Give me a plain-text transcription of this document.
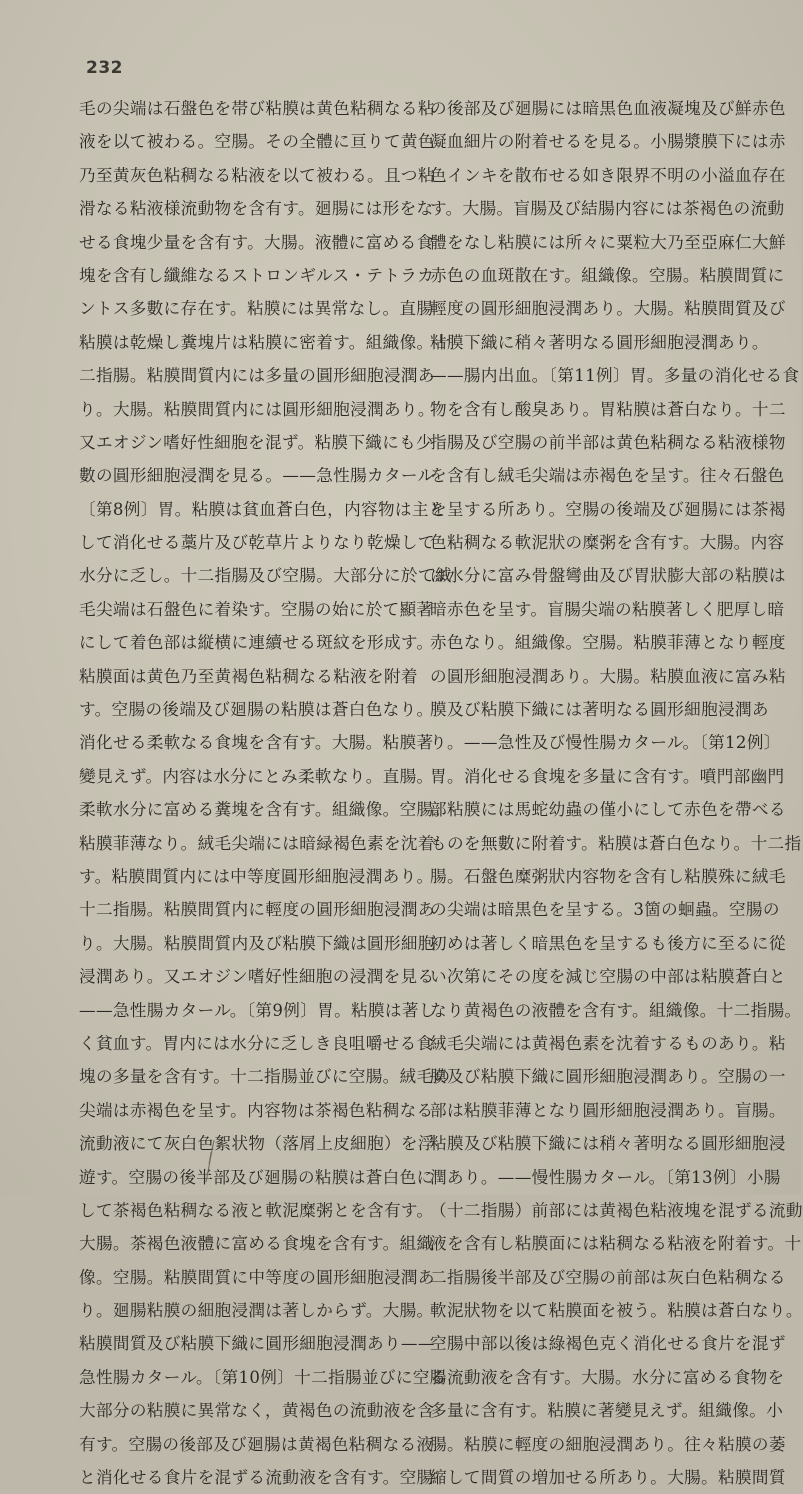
232
毛の尖端は石盤色を帯び粘膜は黄色粘稠なる粘
液を以て被わる。空腸。その全體に亘りて黄色
乃至黄灰色粘稠なる粘液を以て被わる。且つ粘
滑なる粘液様流動物を含有す。廻腸には形をな
せる食塊少量を含有す。大腸。液體に富める食
塊を含有し纖維なるストロンギルス・テトラカ
ントス多數に存在す。粘膜には異常なし。直腸
粘膜は乾燥し糞塊片は粘膜に密着す。組織像。十
二指腸。粘膜間質内には多量の圓形細胞浸潤あ
り。大腸。粘膜間質内には圓形細胞浸潤あり。
又エオジン嗜好性細胞を混ず。粘膜下織にも少
數の圓形細胞浸潤を見る。——急性腸カタール
〔第8例〕胃。粘膜は貧血蒼白色，内容物は主と
して消化せる藁片及び乾草片よりなり乾燥して
水分に乏し。十二指腸及び空腸。大部分に於て絨
毛尖端は石盤色に着染す。空腸の始に於て顯著
にして着色部は縦横に連續せる斑紋を形成す。
粘膜面は黄色乃至黄褐色粘稠なる粘液を附着
す。空腸の後端及び廻腸の粘膜は蒼白色なり。
消化せる柔軟なる食塊を含有す。大腸。粘膜著
變見えず。内容は水分にとみ柔軟なり。直腸。
柔軟水分に富める糞塊を含有す。組織像。空腸。
粘膜菲薄なり。絨毛尖端には暗緑褐色素を沈着
す。粘膜間質内には中等度圓形細胞浸潤あり。
十二指腸。粘膜間質内に輕度の圓形細胞浸潤あ
り。大腸。粘膜間質内及び粘膜下織は圓形細胞
浸潤あり。又エオジン嗜好性細胞の浸潤を見る
——急性腸カタール。〔第9例〕胃。粘膜は著し
く貧血す。胃内には水分に乏しき良咀嚼せる食
塊の多量を含有す。十二指腸並びに空腸。絨毛の
尖端は赤褐色を呈す。内容物は茶褐色粘稠なる
流動液にて灰白色絮状物（落屑上皮細胞）を浮
遊す。空腸の後半部及び廻腸の粘膜は蒼白色に
して茶褐色粘稠なる液と軟泥糜粥とを含有す。
大腸。茶褐色液體に富める食塊を含有す。組織
像。空腸。粘膜間質に中等度の圓形細胞浸潤あ
り。廻腸粘膜の細胞浸潤は著しからず。大腸。
粘膜間質及び粘膜下織に圓形細胞浸潤あり——
急性腸カタール。〔第10例〕十二指腸並びに空腸
大部分の粘膜に異常なく，黄褐色の流動液を含
有す。空腸の後部及び廻腸は黄褐色粘稠なる液
と消化せる食片を混ずる流動液を含有す。空腸
の後部及び廻腸には暗黒色血液凝塊及び鮮赤色
凝血細片の附着せるを見る。小腸漿膜下には赤
色インキを散布せる如き限界不明の小溢血存在
す。大腸。盲腸及び結腸内容には茶褐色の流動
體をなし粘膜には所々に粟粒大乃至亞麻仁大鮮
赤色の血斑散在す。組織像。空腸。粘膜間質に
輕度の圓形細胞浸潤あり。大腸。粘膜間質及び
粘膜下織に稍々著明なる圓形細胞浸潤あり。
——腸内出血。〔第11例〕胃。多量の消化せる食
物を含有し酸臭あり。胃粘膜は蒼白なり。十二
指腸及び空腸の前半部は黄色粘稠なる粘液様物
を含有し絨毛尖端は赤褐色を呈す。往々石盤色
を呈する所あり。空腸の後端及び廻腸には茶褐
色粘稠なる軟泥狀の糜粥を含有す。大腸。内容
は水分に富み骨盤彎曲及び胃狀膨大部の粘膜は
暗赤色を呈す。盲腸尖端の粘膜著しく肥厚し暗
赤色なり。組織像。空腸。粘膜菲薄となり輕度
の圓形細胞浸潤あり。大腸。粘膜血液に富み粘
膜及び粘膜下織には著明なる圓形細胞浸潤あ
り。——急性及び慢性腸カタール。〔第12例〕
胃。消化せる食塊を多量に含有す。噴門部幽門
部粘膜には馬蛇幼蟲の僅小にして赤色を帶べる
ものを無數に附着す。粘膜は蒼白色なり。十二指
腸。石盤色糜粥狀内容物を含有し粘膜殊に絨毛
の尖端は暗黒色を呈する。3箇の蛔蟲。空腸の
初めは著しく暗黒色を呈するも後方に至るに從
い次第にその度を減じ空腸の中部は粘膜蒼白と
なり黄褐色の液體を含有す。組織像。十二指腸。
絨毛尖端には黄褐色素を沈着するものあり。粘
膜及び粘膜下織に圓形細胞浸潤あり。空腸の一
部は粘膜菲薄となり圓形細胞浸潤あり。盲腸。
粘膜及び粘膜下織には稍々著明なる圓形細胞浸
潤あり。——慢性腸カタール。〔第13例〕小腸
（十二指腸）前部には黄褐色粘液塊を混ずる流動
液を含有し粘膜面には粘稠なる粘液を附着す。十
二指腸後半部及び空腸の前部は灰白色粘稠なる
軟泥狀物を以て粘膜面を被う。粘膜は蒼白なり。
空腸中部以後は綠褐色克く消化せる食片を混ず
る流動液を含有す。大腸。水分に富める食物を
多量に含有す。粘膜に著變見えず。組織像。小
腸。粘膜に輕度の細胞浸潤あり。往々粘膜の萎
縮して間質の増加せる所あり。大腸。粘膜間質
